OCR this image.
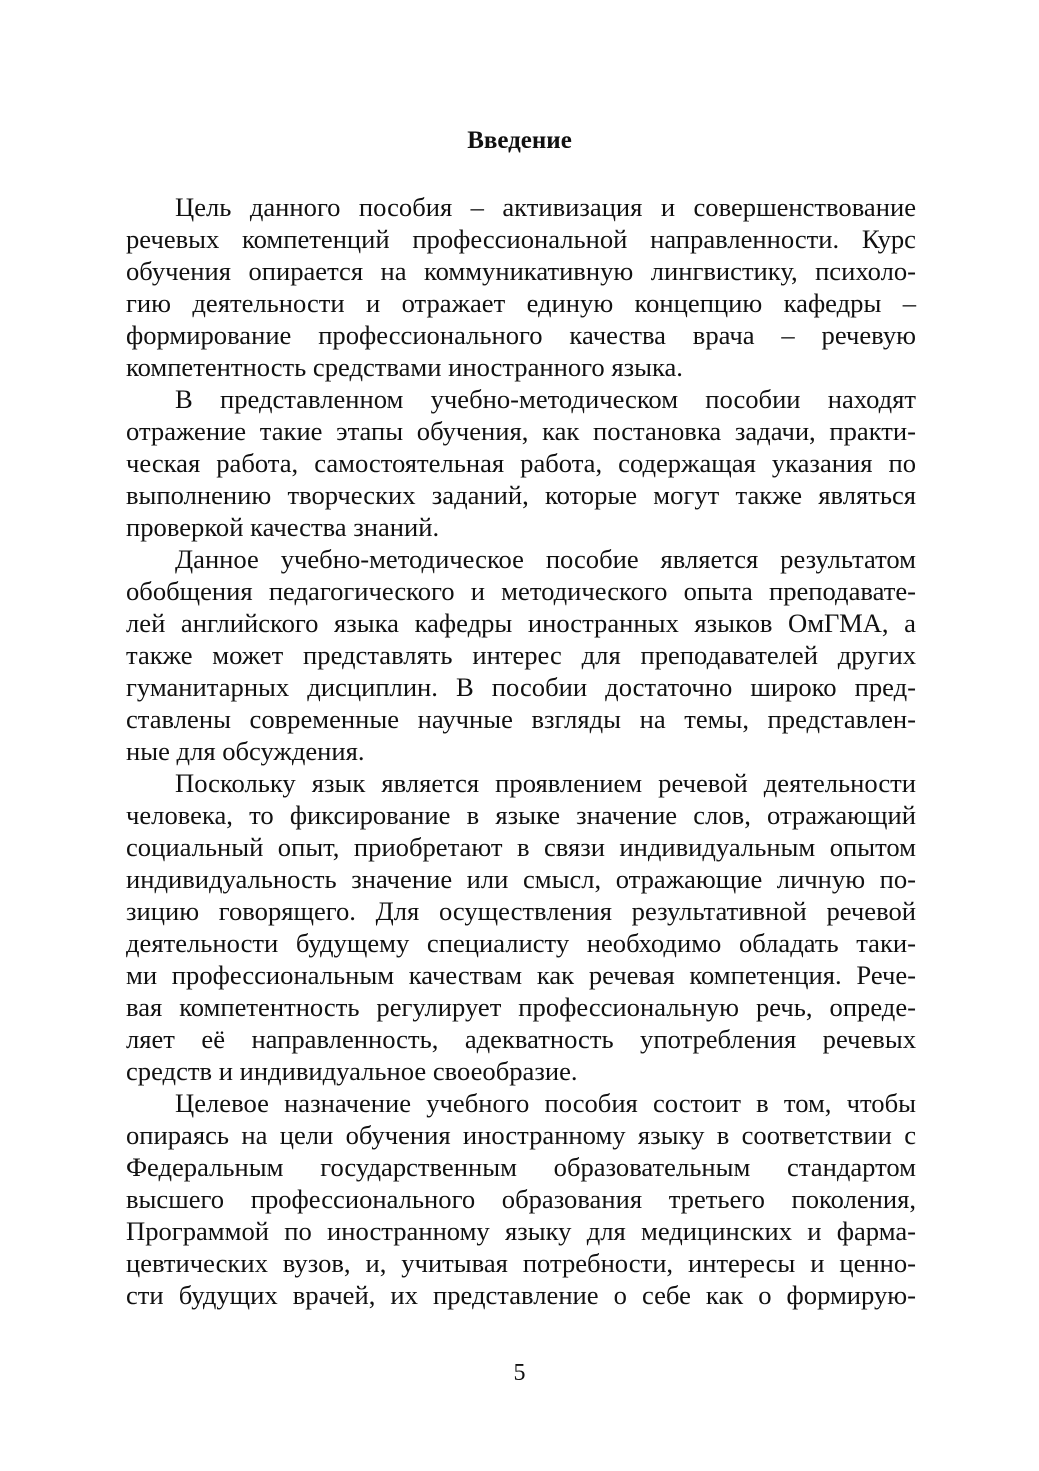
Введение
Цель данного пособия – активизация и совершенствование
речевых компетенций профессиональной направленности. Курс
обучения опирается на коммуникативную лингвистику, психоло-
гию деятельности и отражает единую концепцию кафедры –
формирование профессионального качества врача – речевую
компетентность средствами иностранного языка.
В представленном учебно-методическом пособии находят
отражение такие этапы обучения, как постановка задачи, практи-
ческая работа, самостоятельная работа, содержащая указания по
выполнению творческих заданий, которые могут также являться
проверкой качества знаний.
Данное учебно-методическое пособие является результатом
обобщения педагогического и методического опыта преподавате-
лей английского языка кафедры иностранных языков ОмГМА, а
также может представлять интерес для преподавателей других
гуманитарных дисциплин. В пособии достаточно широко пред-
ставлены современные научные взгляды на темы, представлен-
ные для обсуждения.
Поскольку язык является проявлением речевой деятельности
человека, то фиксирование в языке значение слов, отражающий
социальный опыт, приобретают в связи индивидуальным опытом
индивидуальность значение или смысл, отражающие личную по-
зицию говорящего. Для осуществления результативной речевой
деятельности будущему специалисту необходимо обладать таки-
ми профессиональным качествам как речевая компетенция. Рече-
вая компетентность регулирует профессиональную речь, опреде-
ляет её направленность, адекватность употребления речевых
средств и индивидуальное своеобразие.
Целевое назначение учебного пособия состоит в том, чтобы
опираясь на цели обучения иностранному языку в соответствии с
Федеральным государственным образовательным стандартом
высшего профессионального образования третьего поколения,
Программой по иностранному языку для медицинских и фарма-
цевтических вузов, и, учитывая потребности, интересы и ценно-
сти будущих врачей, их представление о себе как о формирую-
5
